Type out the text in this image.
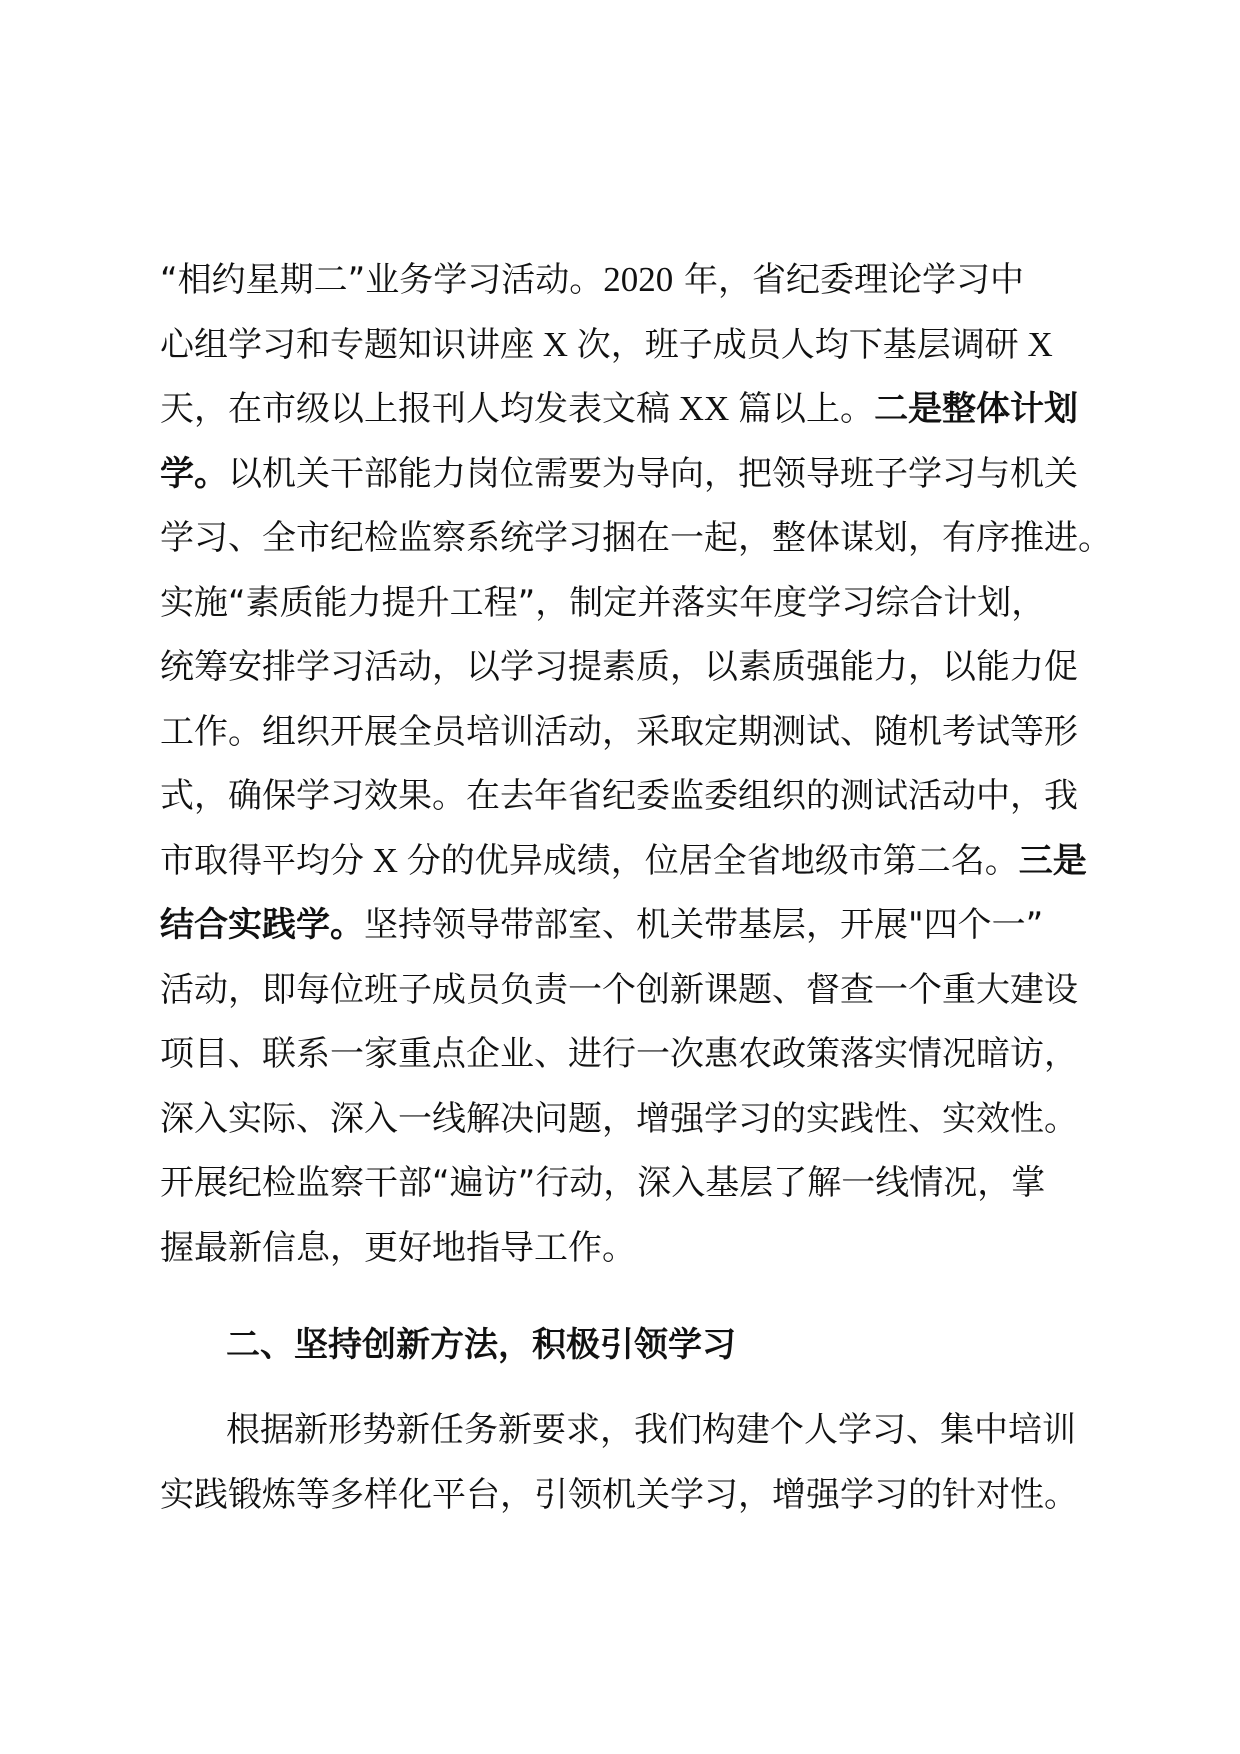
“相约星期二”业务学习活动。2020 年，省纪委理论学习中
心组学习和专题知识讲座 X 次，班子成员人均下基层调研 X
天，在市级以上报刊人均发表文稿 XX 篇以上。二是整体计划
学。以机关干部能力岗位需要为导向，把领导班子学习与机关
学习、全市纪检监察系统学习捆在一起，整体谋划，有序推进。
实施“素质能力提升工程”，制定并落实年度学习综合计划，
统筹安排学习活动，以学习提素质，以素质强能力，以能力促
工作。组织开展全员培训活动，采取定期测试、随机考试等形
式，确保学习效果。在去年省纪委监委组织的测试活动中，我
市取得平均分 X 分的优异成绩，位居全省地级市第二名。三是
结合实践学。坚持领导带部室、机关带基层，开展"四个一”
活动，即每位班子成员负责一个创新课题、督查一个重大建设
项目、联系一家重点企业、进行一次惠农政策落实情况暗访，
深入实际、深入一线解决问题，增强学习的实践性、实效性。
开展纪检监察干部“遍访”行动，深入基层了解一线情况，掌
握最新信息，更好地指导工作。
二、坚持创新方法，积极引领学习
根据新形势新任务新要求，我们构建个人学习、集中培训
实践锻炼等多样化平台，引领机关学习，增强学习的针对性。
